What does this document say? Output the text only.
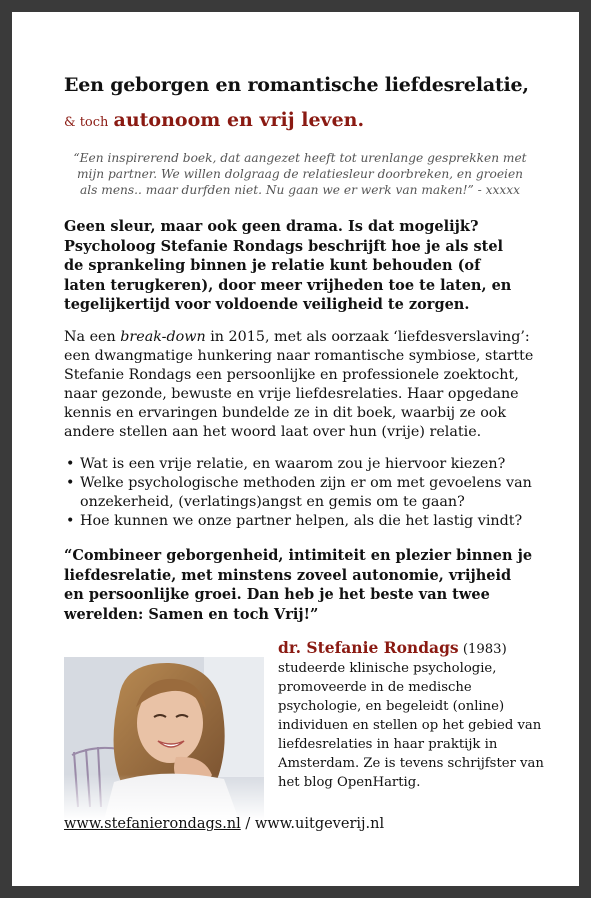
Een geborgen en romantische liefdesrelatie,
& toch autonoom en vrij leven.

“Een inspirerend boek, dat aangezet heeft tot urenlange gesprekken met mijn partner. We willen dolgraag de relatiesleur doorbreken, en groeien als mens.. maar durfden niet. Nu gaan we er werk van maken!” - xxxxx

Geen sleur, maar ook geen drama. Is dat mogelijk? Psycholoog Stefanie Rondags beschrijft hoe je als stel de sprankeling binnen je relatie kunt behouden (of laten terugkeren), door meer vrijheden toe te laten, en tegelijkertijd voor voldoende veiligheid te zorgen.

Na een break-down in 2015, met als oorzaak ‘liefdesverslaving’: een dwangmatige hunkering naar romantische symbiose, startte Stefanie Rondags een persoonlijke en professionele zoektocht, naar gezonde, bewuste en vrije liefdesrelaties. Haar opgedane kennis en ervaringen bundelde ze in dit boek, waarbij ze ook andere stellen aan het woord laat over hun (vrije) relatie.

• Wat is een vrije relatie, en waarom zou je hiervoor kiezen?
• Welke psychologische methoden zijn er om met gevoelens van onzekerheid, (verlatings)angst en gemis om te gaan?
• Hoe kunnen we onze partner helpen, als die het lastig vindt?

“Combineer geborgenheid, intimiteit en plezier binnen je liefdesrelatie, met minstens zoveel autonomie, vrijheid en persoonlijke groei. Dan heb je het beste van twee werelden: Samen en toch Vrij!”

dr. Stefanie Rondags (1983)
studeerde klinische psychologie, promoveerde in de medische psychologie, en begeleidt (online) individuen en stellen op het gebied van liefdesrelaties in haar praktijk in Amsterdam. Ze is tevens schrijfster van het blog OpenHartig.
www.stefanierondags.nl / www.uitgeverij.nl
